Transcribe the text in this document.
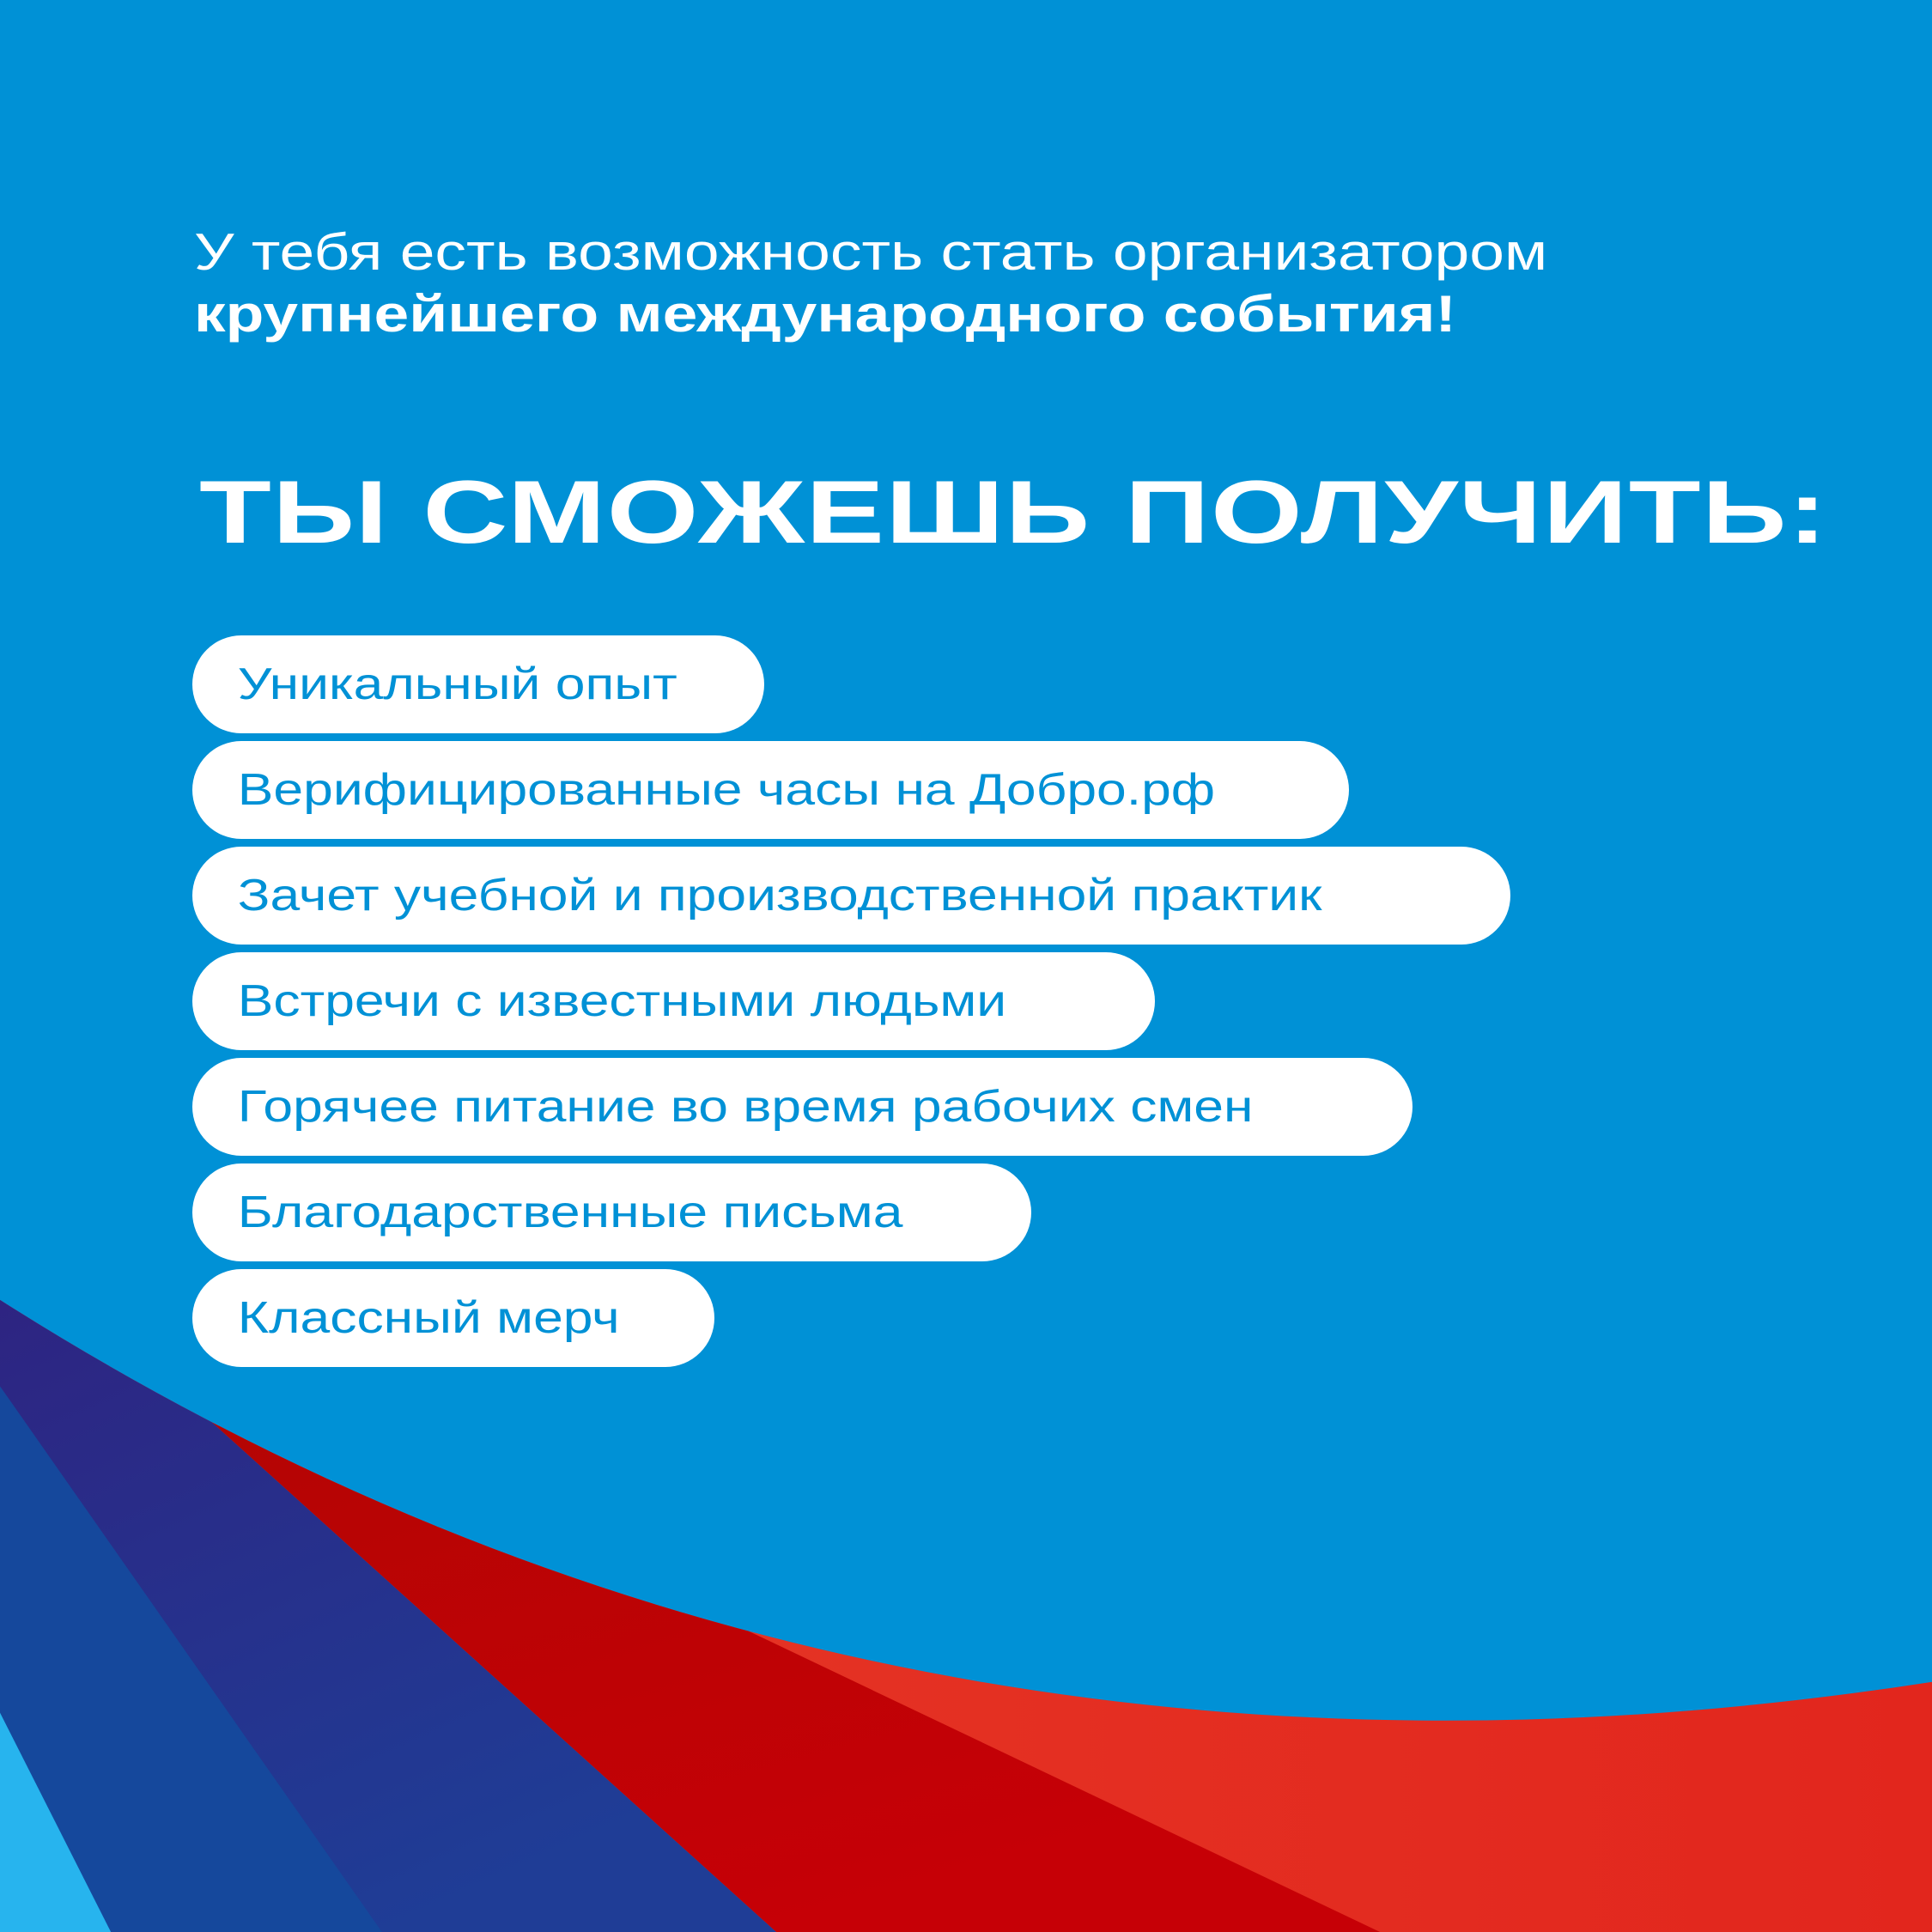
У тебя есть возможность стать организатором
крупнейшего международного события!
ТЫ СМОЖЕШЬ ПОЛУЧИТЬ:
Уникальный опыт
Верифицированные часы на Добро.рф
Зачет учебной и производственной практик
Встречи с известными людьми
Горячее питание во время рабочих смен
Благодарственные письма
Классный мерч
